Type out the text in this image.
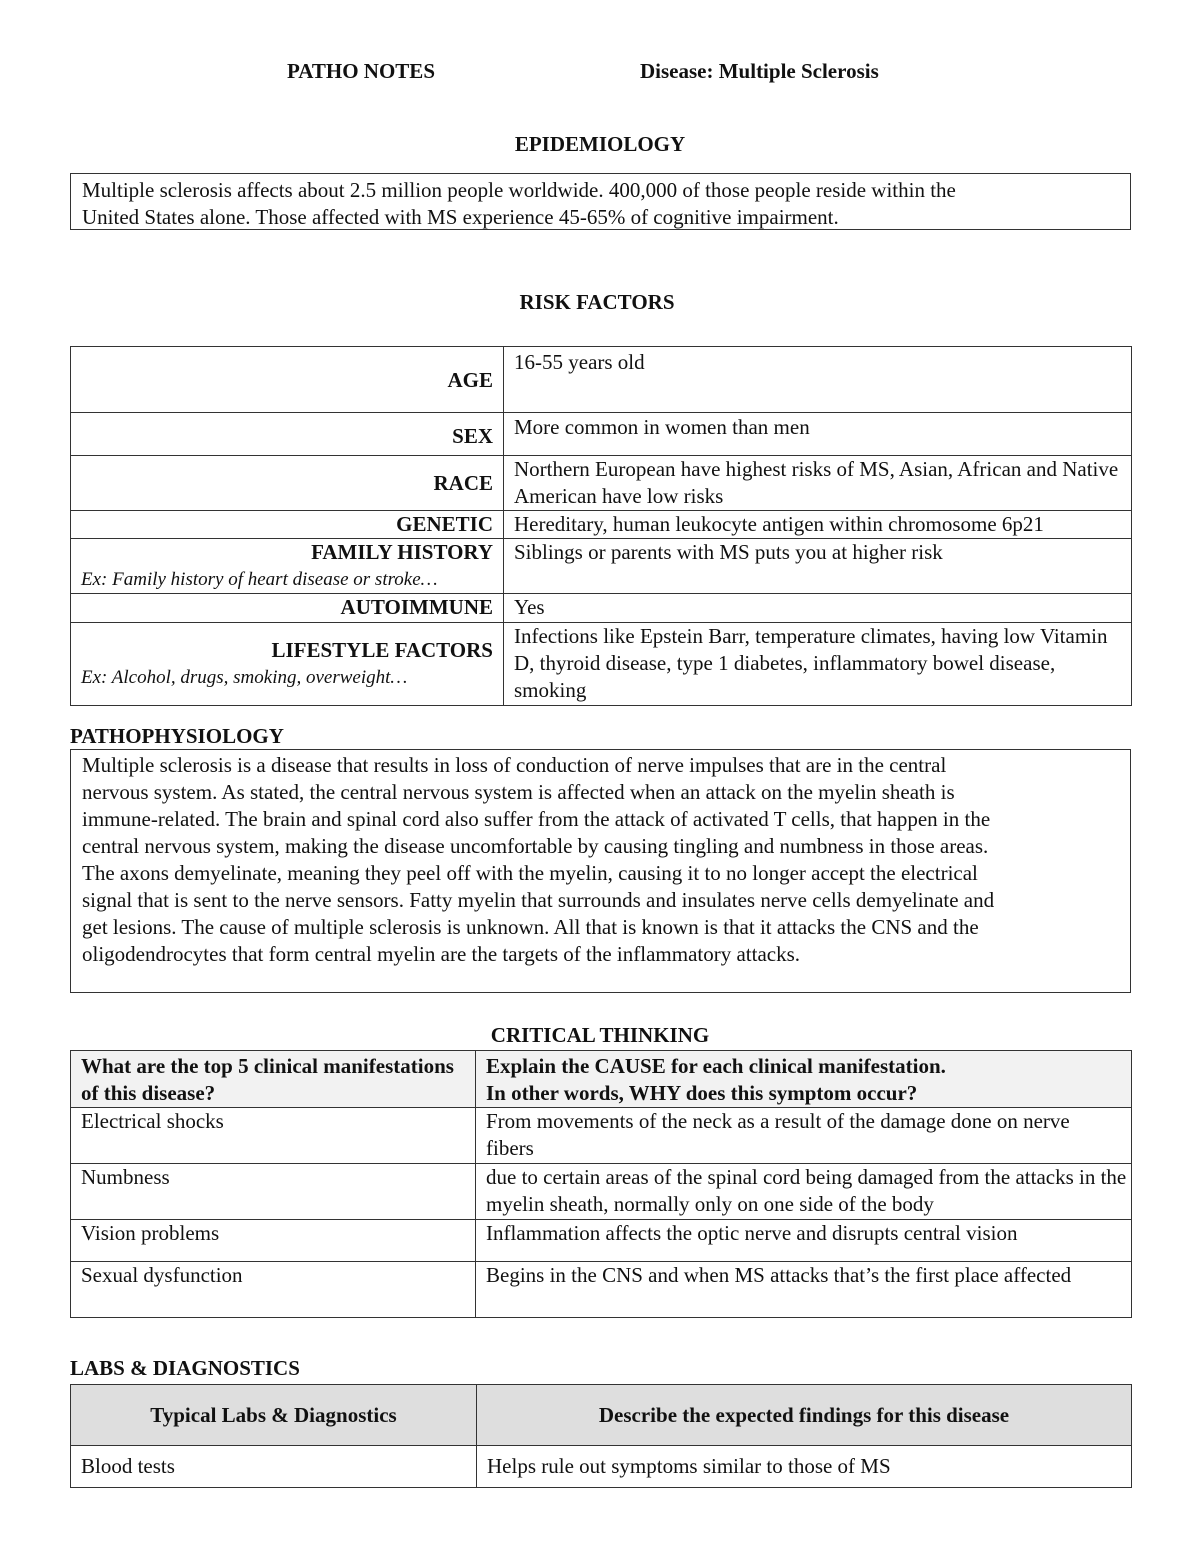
PATHO NOTES	Disease: Multiple Sclerosis
EPIDEMIOLOGY
Multiple sclerosis affects about 2.5 million people worldwide. 400,000 of those people reside within the
United States alone. Those affected with MS experience 45-65% of cognitive impairment.
RISK FACTORS
AGE	16-55 years old
SEX	More common in women than men
RACE	Northern European have highest risks of MS, Asian, African and Native American have low risks
GENETIC	Hereditary, human leukocyte antigen within chromosome 6p21
FAMILY HISTORY
Ex: Family history of heart disease or stroke…	Siblings or parents with MS puts you at higher risk
AUTOIMMUNE	Yes
LIFESTYLE FACTORS
Ex: Alcohol, drugs, smoking, overweight…	Infections like Epstein Barr, temperature climates, having low Vitamin D, thyroid disease, type 1 diabetes, inflammatory bowel disease, smoking
PATHOPHYSIOLOGY
Multiple sclerosis is a disease that results in loss of conduction of nerve impulses that are in the central
nervous system. As stated, the central nervous system is affected when an attack on the myelin sheath is
immune-related. The brain and spinal cord also suffer from the attack of activated T cells, that happen in the
central nervous system, making the disease uncomfortable by causing tingling and numbness in those areas.
The axons demyelinate, meaning they peel off with the myelin, causing it to no longer accept the electrical
signal that is sent to the nerve sensors. Fatty myelin that surrounds and insulates nerve cells demyelinate and
get lesions. The cause of multiple sclerosis is unknown. All that is known is that it attacks the CNS and the
oligodendrocytes that form central myelin are the targets of the inflammatory attacks.
CRITICAL THINKING
What are the top 5 clinical manifestations of this disease?	Explain the CAUSE for each clinical manifestation.
In other words, WHY does this symptom occur?

Electrical shocks	From movements of the neck as a result of the damage done on nerve fibers
Numbness	due to certain areas of the spinal cord being damaged from the attacks in the myelin sheath, normally only on one side of the body
Vision problems	Inflammation affects the optic nerve and disrupts central vision
Sexual dysfunction	Begins in the CNS and when MS attacks that’s the first place affected
LABS & DIAGNOSTICS
Typical Labs & Diagnostics	Describe the expected findings for this disease
Blood tests	Helps rule out symptoms similar to those of MS
